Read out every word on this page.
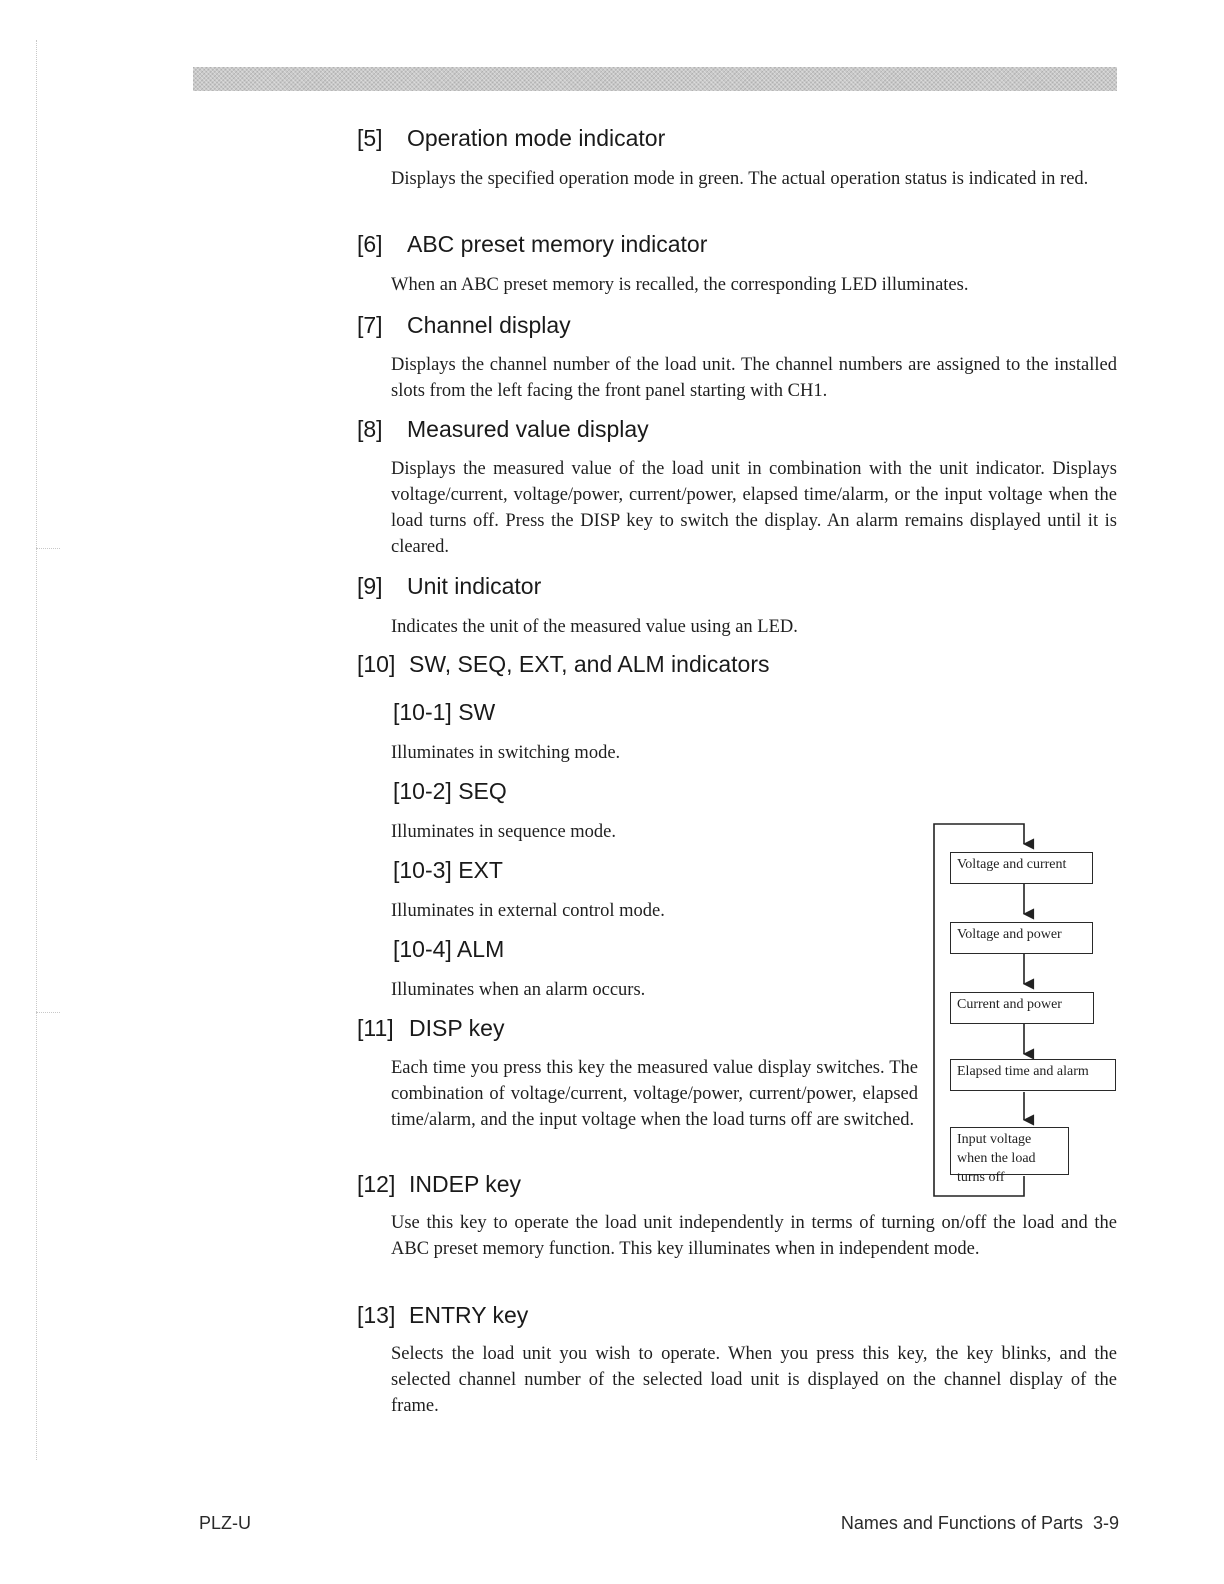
[5] Operation mode indicator

Displays the specified operation mode in green. The actual operation status is indicated in red.

[6] ABC preset memory indicator

When an ABC preset memory is recalled, the corresponding LED illuminates.

[7] Channel display

Displays the channel number of the load unit. The channel numbers are assigned to the installed slots from the left facing the front panel starting with CH1.

[8] Measured value display

Displays the measured value of the load unit in combination with the unit indicator. Displays voltage/current, voltage/power, current/power, elapsed time/alarm, or the input voltage when the load turns off. Press the DISP key to switch the display. An alarm remains displayed until it is cleared.

[9] Unit indicator

Indicates the unit of the measured value using an LED.

[10] SW, SEQ, EXT, and ALM indicators
[10-1] SW

Illuminates in switching mode.

[10-2] SEQ

Illuminates in sequence mode.

[10-3] EXT

Illuminates in external control mode.

[10-4] ALM

Illuminates when an alarm occurs.

[11] DISP key

Each time you press this key the measured value display switches. The combination of voltage/current, voltage/power, current/power, elapsed time/alarm, and the input voltage when the load turns off are switched.

[12] INDEP key

Use this key to operate the load unit independently in terms of turning on/off the load and the ABC preset memory function. This key illuminates when in independent mode.

[13] ENTRY key

Selects the load unit you wish to operate. When you press this key, the key blinks, and the selected channel number of the selected load unit is displayed on the channel display of the frame.

Voltage and current
Voltage and power
Current and power
Elapsed time and alarm
Input voltage when the load turns off
PLZ-U	Names and Functions of Parts 3-9
